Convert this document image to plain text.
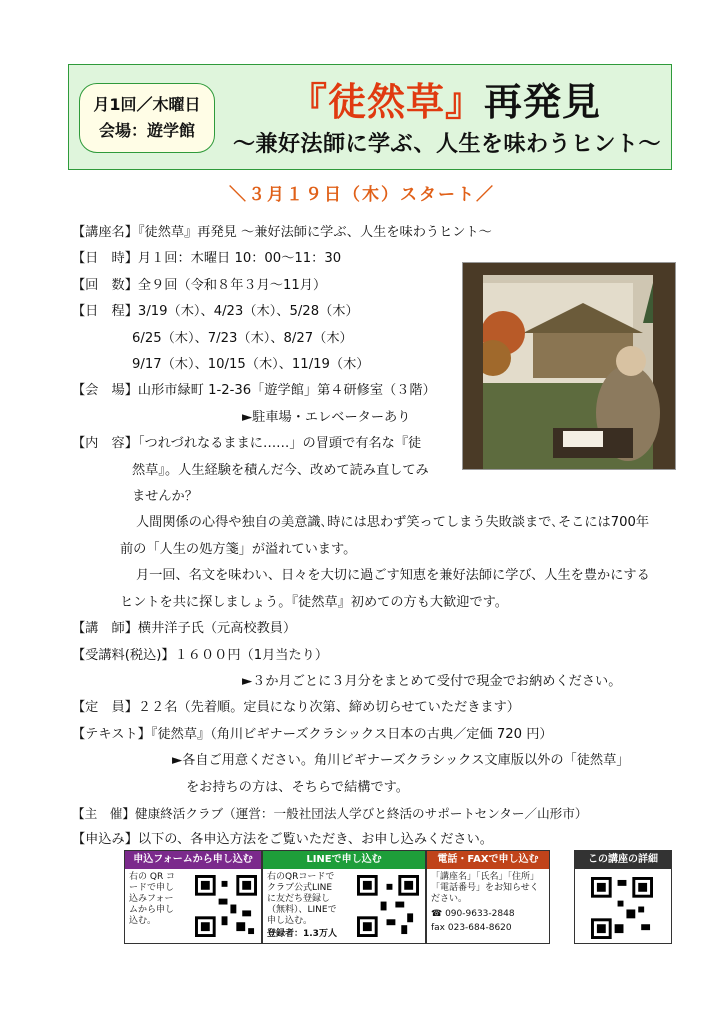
月1回／木曜日
会場：遊学館
『徒然草』再発見
〜兼好法師に学ぶ、人生を味わうヒント〜
＼３月１９日（木）スタート／
【講座名】『徒然草』再発見 〜兼好法師に学ぶ、人生を味わうヒント〜
【日　時】月１回：木曜日 10：00〜11：30
【回　数】全９回（令和８年３月〜11月）
【日　程】3/19（木）、4/23（木）、5/28（木）
6/25（木）、7/23（木）、8/27（木）
9/17（木）、10/15（木）、11/19（木）
【会　場】山形市緑町 1-2-36「遊学館」第４研修室（３階）
►駐車場・エレベーターあり
【内　容】「つれづれなるままに……」の冒頭で有名な『徒
然草』。人生経験を積んだ今、改めて読み直してみ
ませんか？
人間関係の心得や独自の美意識､時には思わず笑ってしまう失敗談まで､そこには700年前の「人生の処方箋」が溢れています。
月一回、名文を味わい、日々を大切に過ごす知恵を兼好法師に学び、人生を豊かにするヒントを共に探しましょう。『徒然草』初めての方も大歓迎です。
【講　師】横井洋子氏（元高校教員）
【受講料(税込)】１６００円（1月当たり）
►３か月ごとに３月分をまとめて受付で現金でお納めください。
【定　員】２２名（先着順。定員になり次第、締め切らせていただきます）
【テキスト】『徒然草』（角川ビギナーズクラシックス日本の古典／定価 720 円）
►各自ご用意ください。角川ビギナーズクラシックス文庫版以外の「徒然草」
をお持ちの方は、そちらで結構です。
【主　催】健康終活クラブ（運営：一般社団法人学びと終活のサポートセンター／山形市）
【申込み】以下の、各申込方法をご覧いただき、お申し込みください。
申込フォームから申し込む
右の QR コードで申し込みフォームから申し込む。
LINEで申し込む
右のQRコードでクラブ公式LINEに友だち登録し（無料）、LINEで申し込む。
登録者：1.3万人
電話・FAXで申し込む
「講座名」「氏名」「住所」「電話番号」をお知らせください。
☎ 090-9633-2848
fax 023-684-8620
この講座の詳細
